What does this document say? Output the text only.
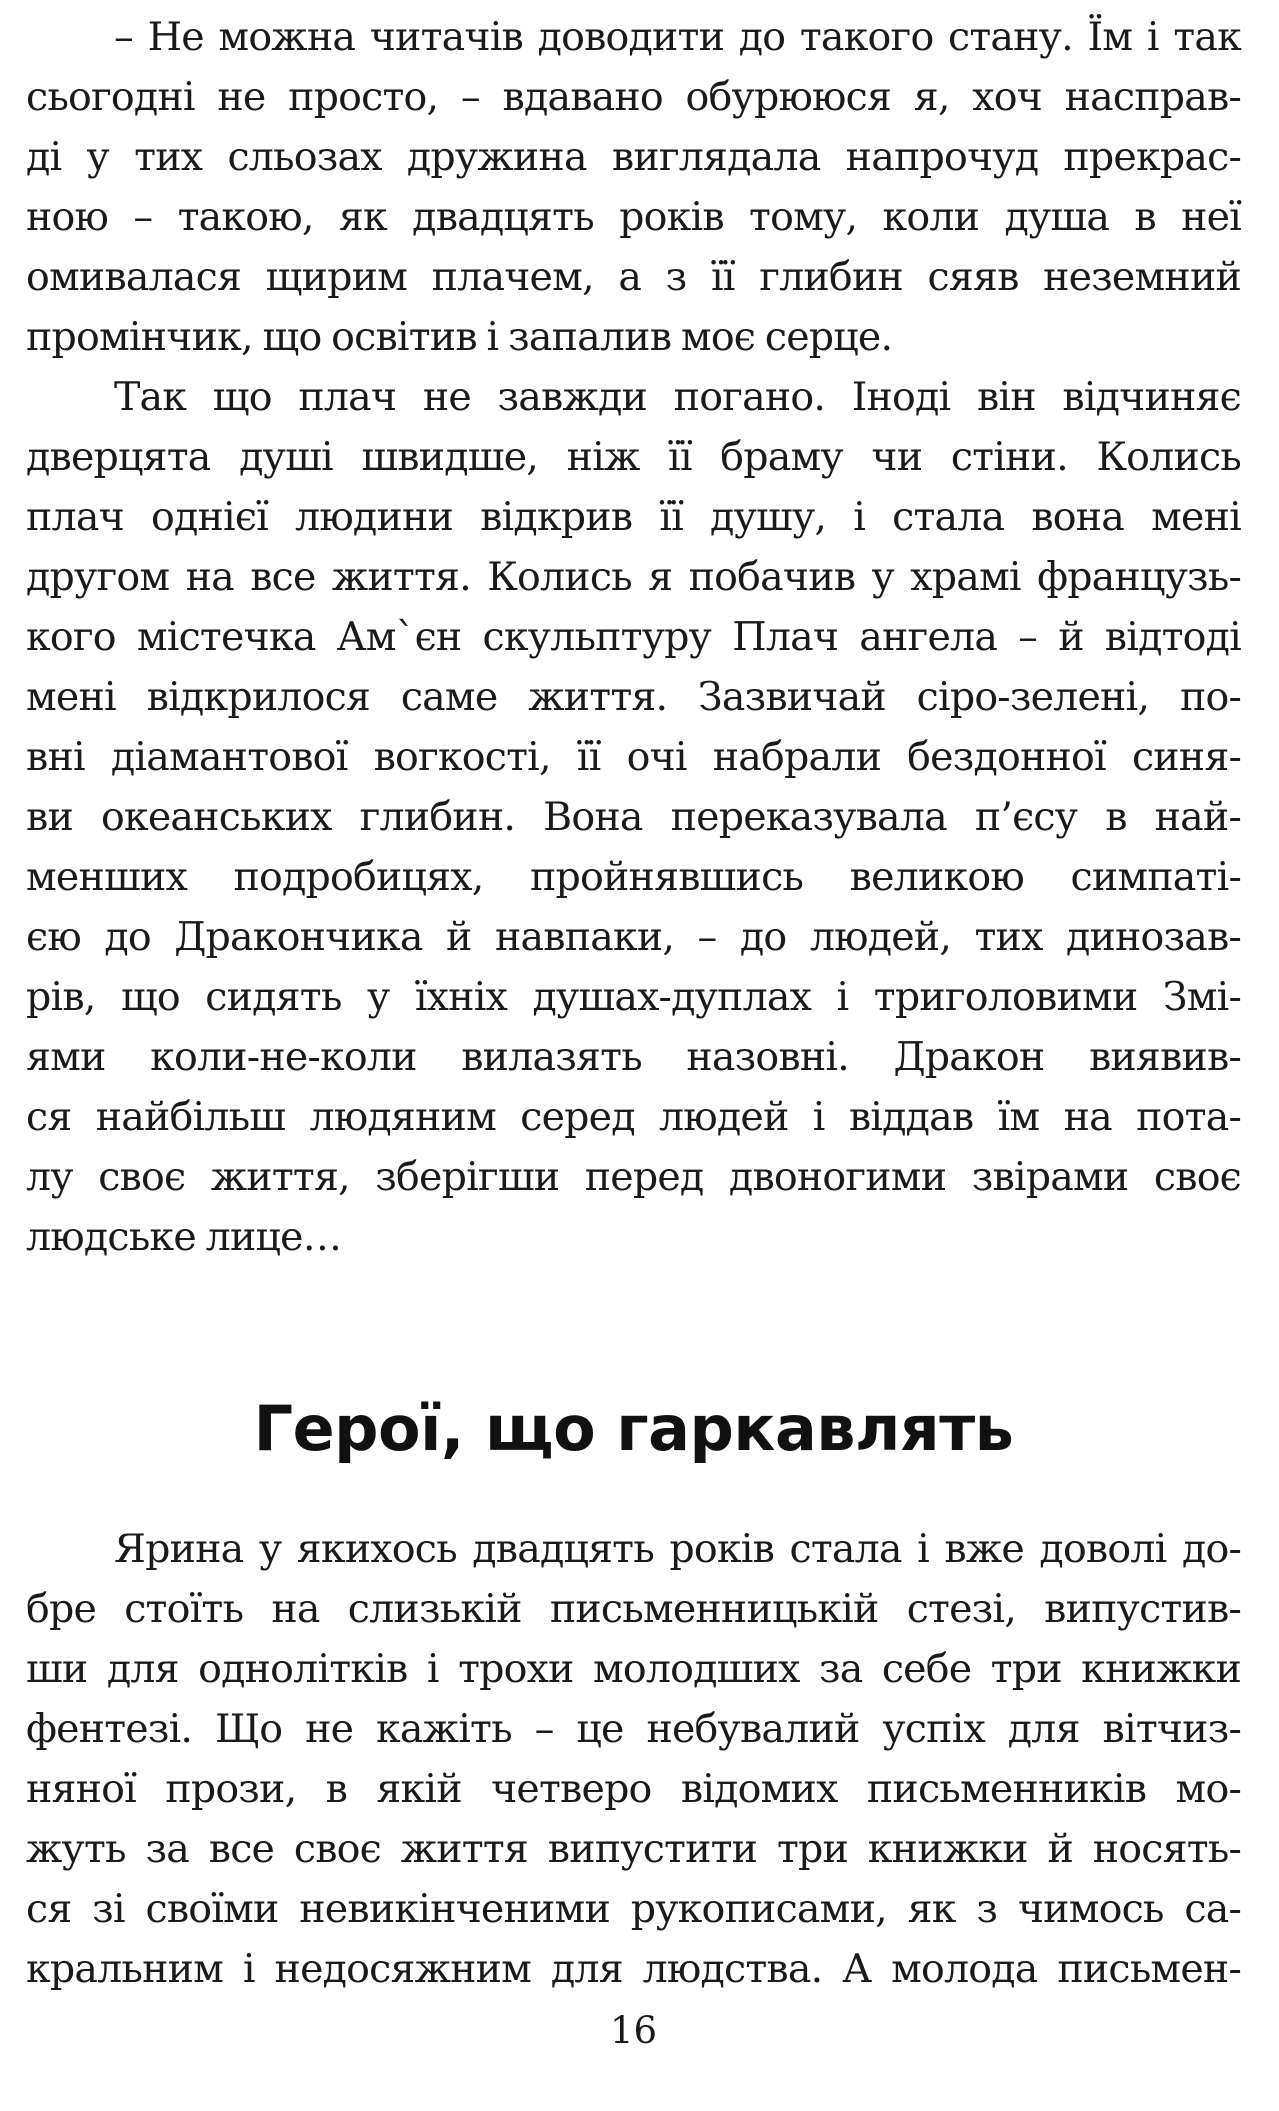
– Не можна читачів доводити до такого стану. Їм і так
сьогодні не просто, – вдавано обурююся я, хоч насправ-
ді у тих сльозах дружина виглядала напрочуд прекрас-
ною – такою, як двадцять років тому, коли душа в неї
омивалася щирим плачем, а з її глибин сяяв неземний
промінчик, що освітив і запалив моє серце.
Так що плач не завжди погано. Іноді він відчиняє
дверцята душі швидше, ніж її браму чи стіни. Колись
плач однієї людини відкрив її душу, і стала вона мені
другом на все життя. Колись я побачив у храмі французь-
кого містечка Ам`єн скульптуру Плач ангела – й відтоді
мені відкрилося саме життя. Зазвичай сіро-зелені, по-
вні діамантової вогкості, її очі набрали бездонної синя-
ви океанських глибин. Вона переказувала п’єсу в най-
менших подробицях, пройнявшись великою симпаті-
єю до Дракончика й навпаки, – до людей, тих динозав-
рів, що сидять у їхніх душах-дуплах і триголовими Змі-
ями коли-не-коли вилазять назовні. Дракон виявив-
ся найбільш людяним серед людей і віддав їм на пота-
лу своє життя, зберігши перед двоногими звірами своє
людське лице…
Герої, що гаркавлять
Ярина у якихось двадцять років стала і вже доволі до-
бре стоїть на слизькій письменницькій стезі, випустив-
ши для однолітків і трохи молодших за себе три книжки
фентезі. Що не кажіть – це небувалий успіх для вітчиз-
няної прози, в якій четверо відомих письменників мо-
жуть за все своє життя випустити три книжки й носять-
ся зі своїми невикінченими рукописами, як з чимось са-
кральним і недосяжним для людства. А молода письмен-
16
